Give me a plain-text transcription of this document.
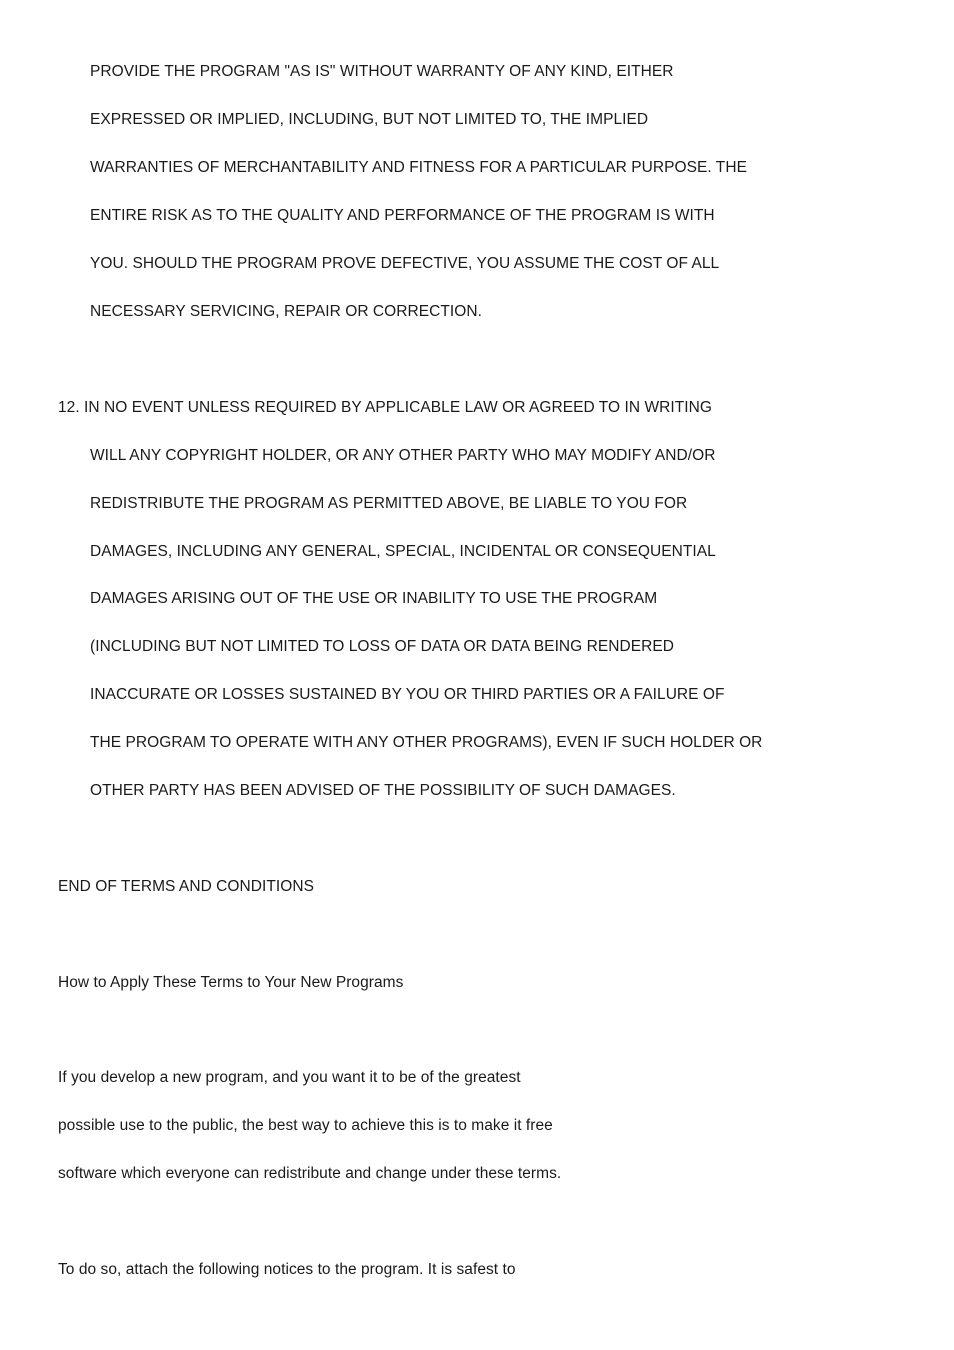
PROVIDE THE PROGRAM "AS IS" WITHOUT WARRANTY OF ANY KIND, EITHER
EXPRESSED OR IMPLIED, INCLUDING, BUT NOT LIMITED TO, THE IMPLIED
WARRANTIES OF MERCHANTABILITY AND FITNESS FOR A PARTICULAR PURPOSE. THE
ENTIRE RISK AS TO THE QUALITY AND PERFORMANCE OF THE PROGRAM IS WITH
YOU. SHOULD THE PROGRAM PROVE DEFECTIVE, YOU ASSUME THE COST OF ALL
NECESSARY SERVICING, REPAIR OR CORRECTION.
12. IN NO EVENT UNLESS REQUIRED BY APPLICABLE LAW OR AGREED TO IN WRITING
WILL ANY COPYRIGHT HOLDER, OR ANY OTHER PARTY WHO MAY MODIFY AND/OR
REDISTRIBUTE THE PROGRAM AS PERMITTED ABOVE, BE LIABLE TO YOU FOR
DAMAGES, INCLUDING ANY GENERAL, SPECIAL, INCIDENTAL OR CONSEQUENTIAL
DAMAGES ARISING OUT OF THE USE OR INABILITY TO USE THE PROGRAM
(INCLUDING BUT NOT LIMITED TO LOSS OF DATA OR DATA BEING RENDERED
INACCURATE OR LOSSES SUSTAINED BY YOU OR THIRD PARTIES OR A FAILURE OF
THE PROGRAM TO OPERATE WITH ANY OTHER PROGRAMS), EVEN IF SUCH HOLDER OR
OTHER PARTY HAS BEEN ADVISED OF THE POSSIBILITY OF SUCH DAMAGES.
END OF TERMS AND CONDITIONS
How to Apply These Terms to Your New Programs
If you develop a new program, and you want it to be of the greatest
possible use to the public, the best way to achieve this is to make it free
software which everyone can redistribute and change under these terms.
To do so, attach the following notices to the program. It is safest to
